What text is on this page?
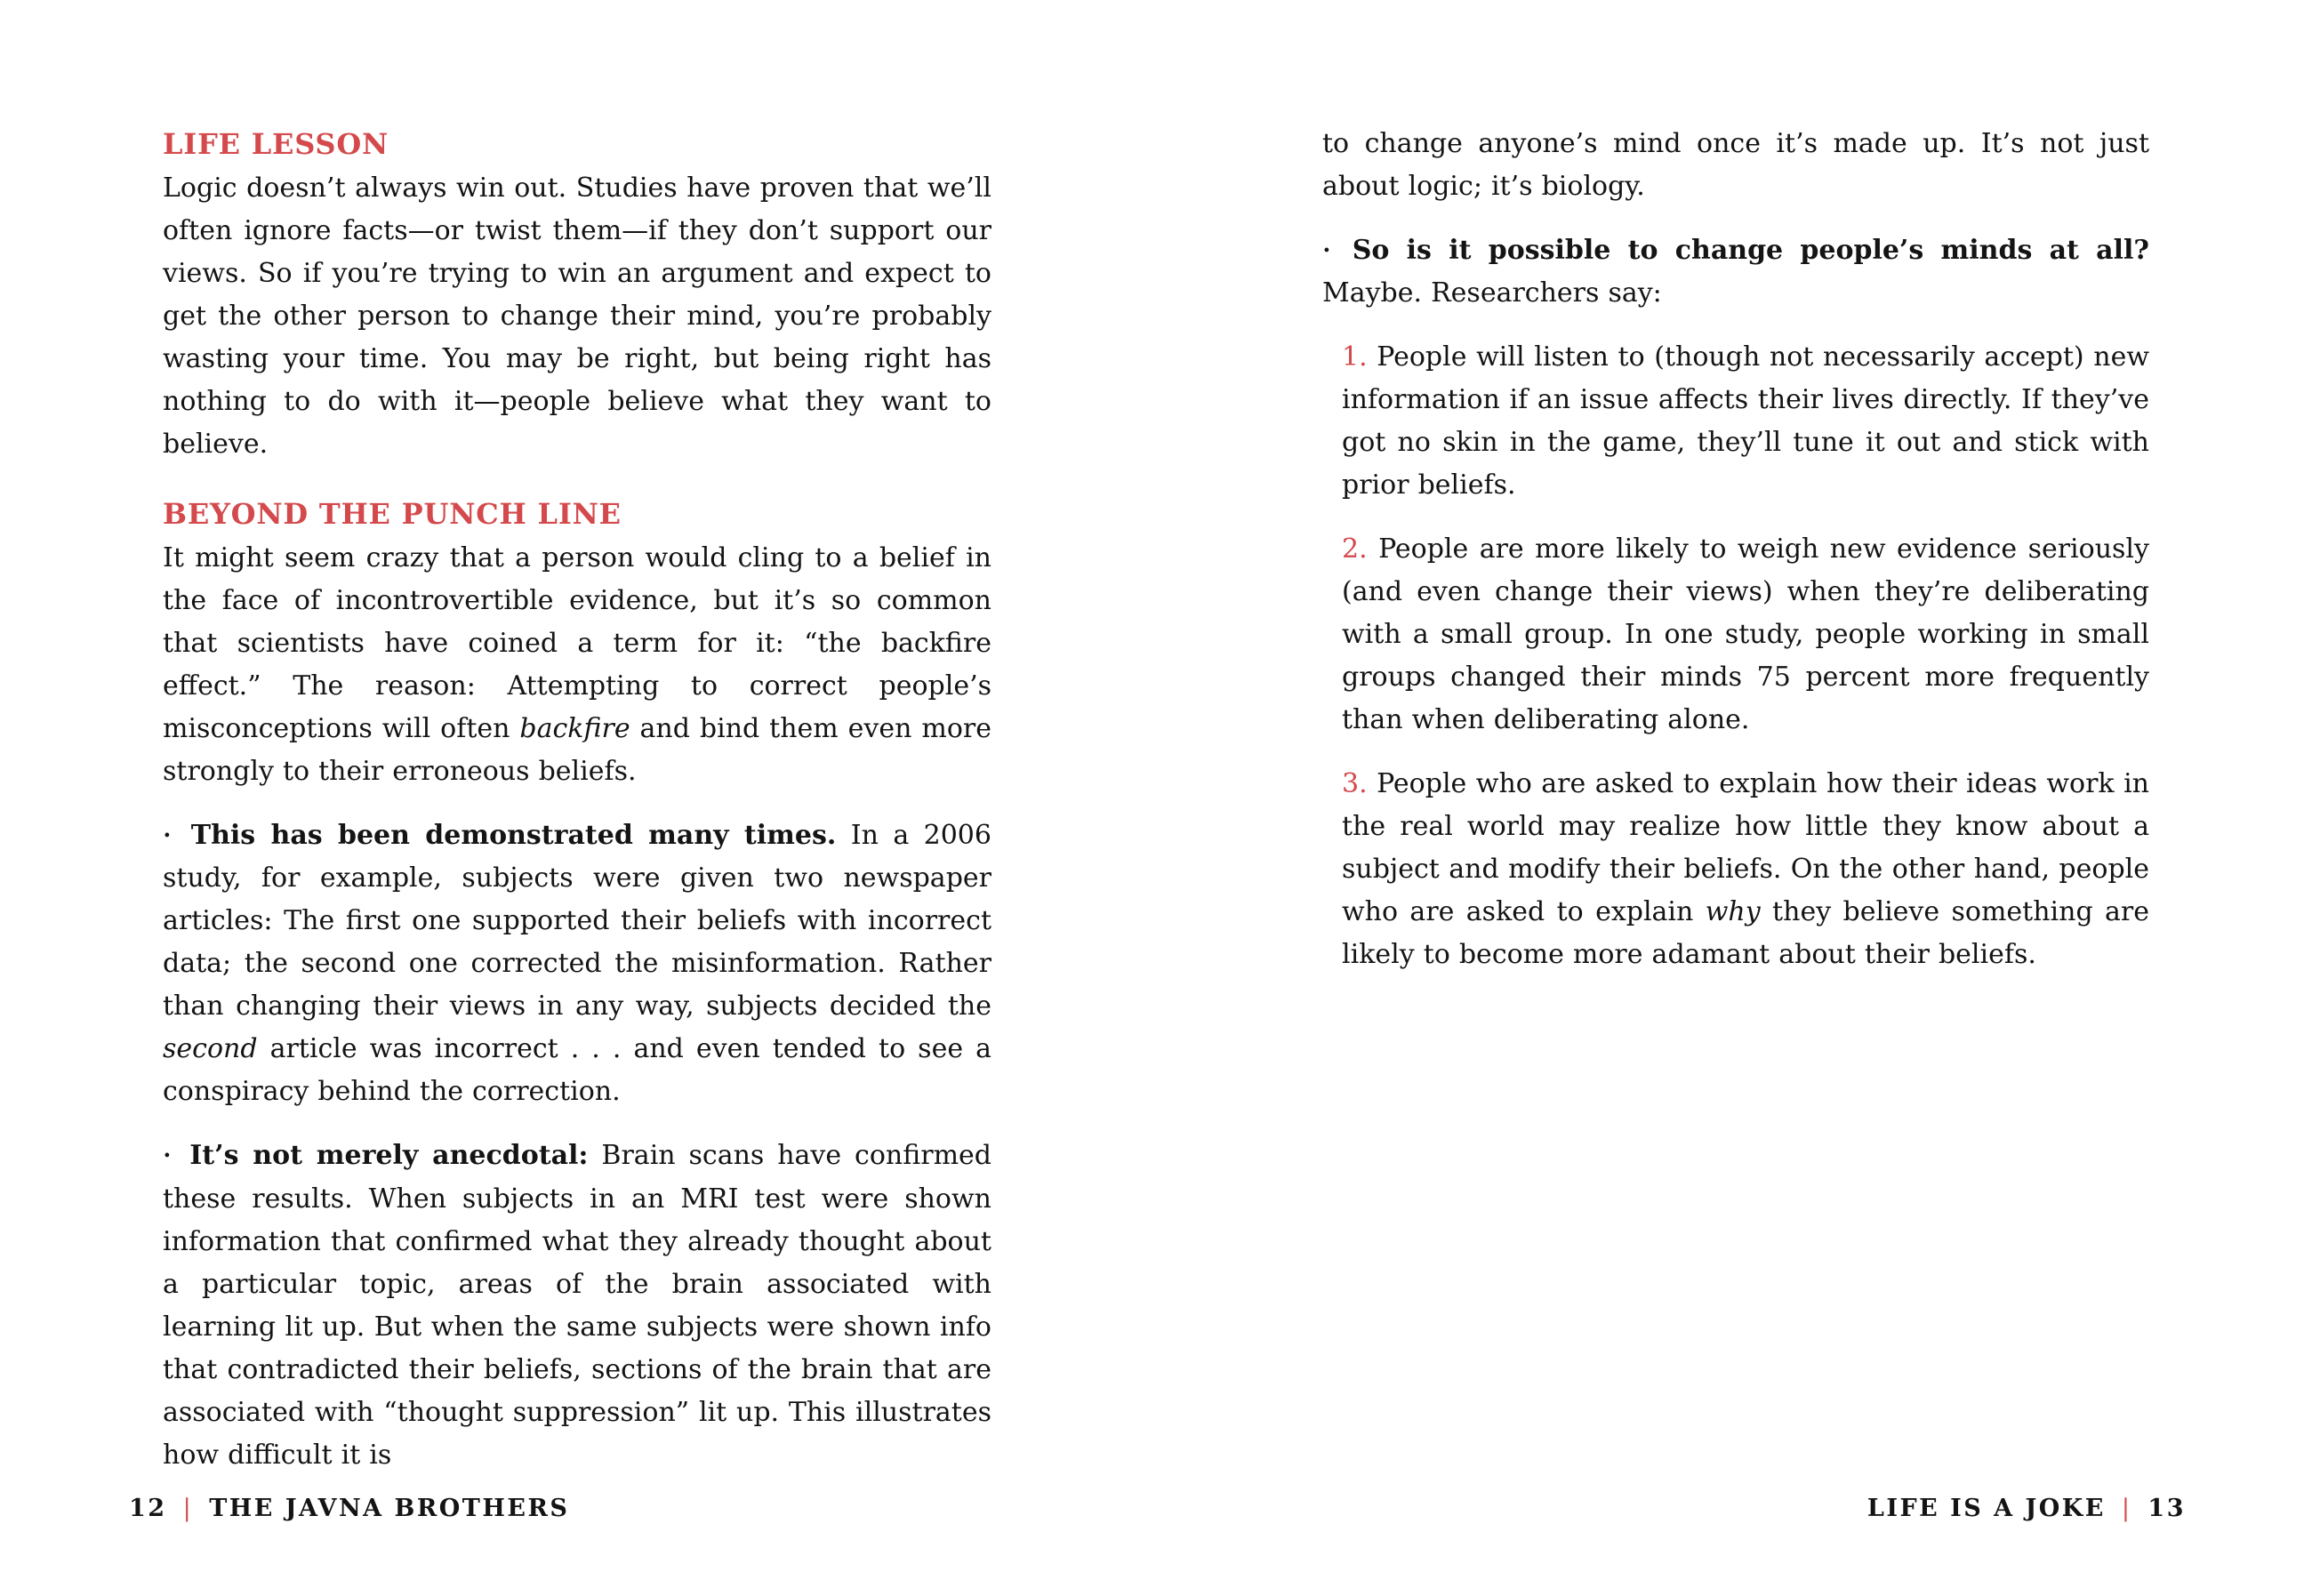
LIFE LESSON

Logic doesn’t always win out. Studies have proven that we’ll often ignore facts—or twist them—if they don’t support our views. So if you’re trying to win an argument and expect to get the other person to change their mind, you’re probably wasting your time. You may be right, but being right has nothing to do with it—people believe what they want to believe.

BEYOND THE PUNCH LINE

It might seem crazy that a person would cling to a belief in the face of incontrovertible evidence, but it’s so common that scientists have coined a term for it: “the backfire effect.” The reason: Attempting to correct people’s misconceptions will often backfire and bind them even more strongly to their erroneous beliefs.

• This has been demonstrated many times. In a 2006 study, for example, subjects were given two newspaper articles: The first one supported their beliefs with incorrect data; the second one corrected the misinformation. Rather than changing their views in any way, subjects decided the second article was incorrect . . . and even tended to see a conspiracy behind the correction.

• It’s not merely anecdotal: Brain scans have confirmed these results. When subjects in an MRI test were shown information that confirmed what they already thought about a particular topic, areas of the brain associated with learning lit up. But when the same subjects were shown info that contradicted their beliefs, sections of the brain that are associated with “thought suppression” lit up. This illustrates how difficult it is

12 | THE JAVNA BROTHERS

to change anyone’s mind once it’s made up. It’s not just about logic; it’s biology.

• So is it possible to change people’s minds at all? Maybe. Researchers say:

1. People will listen to (though not necessarily accept) new information if an issue affects their lives directly. If they’ve got no skin in the game, they’ll tune it out and stick with prior beliefs.

2. People are more likely to weigh new evidence seriously (and even change their views) when they’re deliberating with a small group. In one study, people working in small groups changed their minds 75 percent more frequently than when deliberating alone.

3. People who are asked to explain how their ideas work in the real world may realize how little they know about a subject and modify their beliefs. On the other hand, people who are asked to explain why they believe something are likely to become more adamant about their beliefs.

LIFE IS A JOKE | 13
